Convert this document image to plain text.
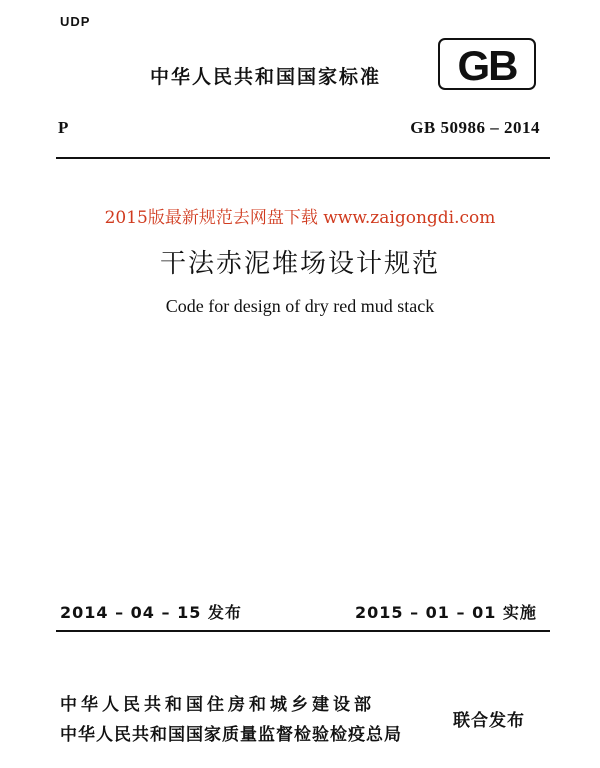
UDP
中华人民共和国国家标准 GB
P	GB 50986 – 2014
2015版最新规范去网盘下载 www.zaigongdi.com
干法赤泥堆场设计规范
Code for design of dry red mud stack
2014 – 04 – 15 发布	2015 – 01 – 01 实施
中华人民共和国住房和城乡建设部
中华人民共和国国家质量监督检验检疫总局
联合发布
